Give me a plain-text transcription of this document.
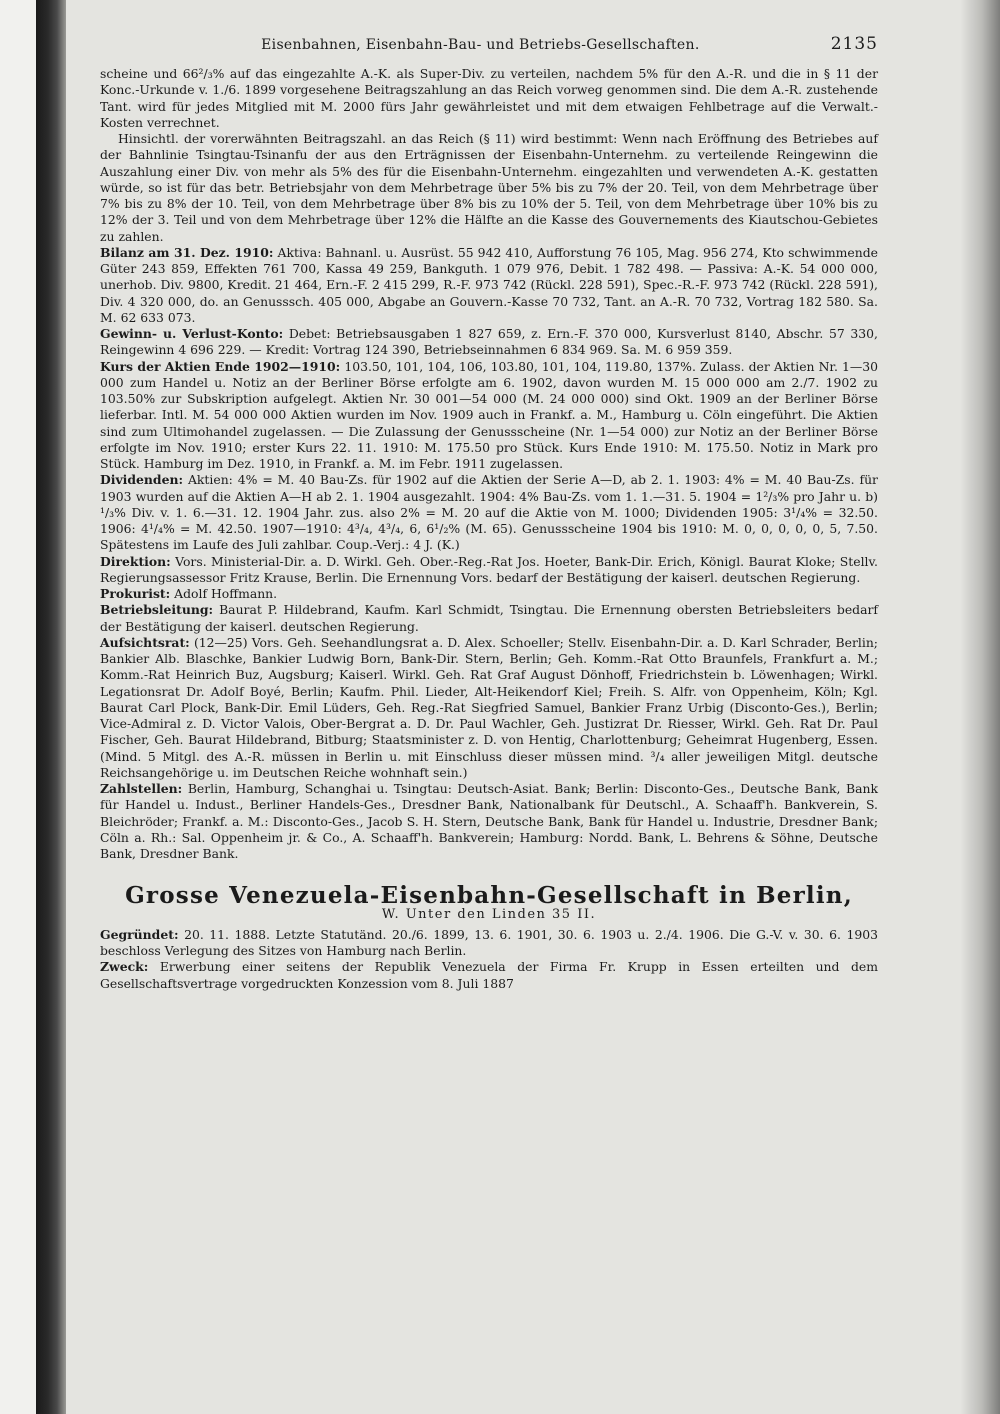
Eisenbahnen, Eisenbahn-Bau- und Betriebs-Gesellschaften.	2135

scheine und 66²/₃% auf das eingezahlte A.-K. als Super-Div. zu verteilen, nachdem 5% für den A.-R. und die in § 11 der Konc.-Urkunde v. 1./6. 1899 vorgesehene Beitragszahlung an das Reich vorweg genommen sind. Die dem A.-R. zustehende Tant. wird für jedes Mitglied mit M. 2000 fürs Jahr gewährleistet und mit dem etwaigen Fehlbetrage auf die Verwalt.-Kosten verrechnet.

Hinsichtl. der vorerwähnten Beitragszahl. an das Reich (§ 11) wird bestimmt: Wenn nach Eröffnung des Betriebes auf der Bahnlinie Tsingtau-Tsinanfu der aus den Erträgnissen der Eisenbahn-Unternehm. zu verteilende Reingewinn die Auszahlung einer Div. von mehr als 5% des für die Eisenbahn-Unternehm. eingezahlten und verwendeten A.-K. gestatten würde, so ist für das betr. Betriebsjahr von dem Mehrbetrage über 5% bis zu 7% der 20. Teil, von dem Mehrbetrage über 7% bis zu 8% der 10. Teil, von dem Mehrbetrage über 8% bis zu 10% der 5. Teil, von dem Mehrbetrage über 10% bis zu 12% der 3. Teil und von dem Mehrbetrage über 12% die Hälfte an die Kasse des Gouvernements des Kiautschou-Gebietes zu zahlen.

Bilanz am 31. Dez. 1910: Aktiva: Bahnanl. u. Ausrüst. 55 942 410, Aufforstung 76 105, Mag. 956 274, Kto schwimmende Güter 243 859, Effekten 761 700, Kassa 49 259, Bankguth. 1 079 976, Debit. 1 782 498. — Passiva: A.-K. 54 000 000, unerhob. Div. 9800, Kredit. 21 464, Ern.-F. 2 415 299, R.-F. 973 742 (Rückl. 228 591), Spec.-R.-F. 973 742 (Rückl. 228 591), Div. 4 320 000, do. an Genusssch. 405 000, Abgabe an Gouvern.-Kasse 70 732, Tant. an A.-R. 70 732, Vortrag 182 580. Sa. M. 62 633 073.

Gewinn- u. Verlust-Konto: Debet: Betriebsausgaben 1 827 659, z. Ern.-F. 370 000, Kursverlust 8140, Abschr. 57 330, Reingewinn 4 696 229. — Kredit: Vortrag 124 390, Betriebseinnahmen 6 834 969. Sa. M. 6 959 359.

Kurs der Aktien Ende 1902—1910: 103.50, 101, 104, 106, 103.80, 101, 104, 119.80, 137%. Zulass. der Aktien Nr. 1—30 000 zum Handel u. Notiz an der Berliner Börse erfolgte am 6. 1902, davon wurden M. 15 000 000 am 2./7. 1902 zu 103.50% zur Subskription aufgelegt. Aktien Nr. 30 001—54 000 (M. 24 000 000) sind Okt. 1909 an der Berliner Börse lieferbar. Intl. M. 54 000 000 Aktien wurden im Nov. 1909 auch in Frankf. a. M., Hamburg u. Cöln eingeführt. Die Aktien sind zum Ultimohandel zugelassen. — Die Zulassung der Genussscheine (Nr. 1—54 000) zur Notiz an der Berliner Börse erfolgte im Nov. 1910; erster Kurs 22. 11. 1910: M. 175.50 pro Stück. Kurs Ende 1910: M. 175.50. Notiz in Mark pro Stück. Hamburg im Dez. 1910, in Frankf. a. M. im Febr. 1911 zugelassen.

Dividenden: Aktien: 4% = M. 40 Bau-Zs. für 1902 auf die Aktien der Serie A—D, ab 2. 1. 1903: 4% = M. 40 Bau-Zs. für 1903 wurden auf die Aktien A—H ab 2. 1. 1904 ausgezahlt. 1904: 4% Bau-Zs. vom 1. 1.—31. 5. 1904 = 1²/₃% pro Jahr u. b) ¹/₃% Div. v. 1. 6.—31. 12. 1904 Jahr. zus. also 2% = M. 20 auf die Aktie von M. 1000; Dividenden 1905: 3¹/₄% = 32.50. 1906: 4¹/₄% = M. 42.50. 1907—1910: 4³/₄, 4³/₄, 6, 6¹/₂% (M. 65). Genussscheine 1904 bis 1910: M. 0, 0, 0, 0, 0, 5, 7.50. Spätestens im Laufe des Juli zahlbar. Coup.-Verj.: 4 J. (K.)

Direktion: Vors. Ministerial-Dir. a. D. Wirkl. Geh. Ober.-Reg.-Rat Jos. Hoeter, Bank-Dir. Erich, Königl. Baurat Kloke; Stellv. Regierungsassessor Fritz Krause, Berlin. Die Ernennung Vors. bedarf der Bestätigung der kaiserl. deutschen Regierung.

Prokurist: Adolf Hoffmann.

Betriebsleitung: Baurat P. Hildebrand, Kaufm. Karl Schmidt, Tsingtau. Die Ernennung obersten Betriebsleiters bedarf der Bestätigung der kaiserl. deutschen Regierung.

Aufsichtsrat: (12—25) Vors. Geh. Seehandlungsrat a. D. Alex. Schoeller; Stellv. Eisenbahn-Dir. a. D. Karl Schrader, Berlin; Bankier Alb. Blaschke, Bankier Ludwig Born, Bank-Dir. Stern, Berlin; Geh. Komm.-Rat Otto Braunfels, Frankfurt a. M.; Komm.-Rat Heinrich Buz, Augsburg; Kaiserl. Wirkl. Geh. Rat Graf August Dönhoff, Friedrichstein b. Löwenhagen; Wirkl. Legationsrat Dr. Adolf Boyé, Berlin; Kaufm. Phil. Lieder, Alt-Heikendorf Kiel; Freih. S. Alfr. von Oppenheim, Köln; Kgl. Baurat Carl Plock, Bank-Dir. Emil Lüders, Geh. Reg.-Rat Siegfried Samuel, Bankier Franz Urbig (Disconto-Ges.), Berlin; Vice-Admiral z. D. Victor Valois, Ober-Bergrat a. D. Dr. Paul Wachler, Geh. Justizrat Dr. Riesser, Wirkl. Geh. Rat Dr. Paul Fischer, Geh. Baurat Hildebrand, Bitburg; Staatsminister z. D. von Hentig, Charlottenburg; Geheimrat Hugenberg, Essen. (Mind. 5 Mitgl. des A.-R. müssen in Berlin u. mit Einschluss dieser müssen mind. ³/₄ aller jeweiligen Mitgl. deutsche Reichsangehörige u. im Deutschen Reiche wohnhaft sein.)

Zahlstellen: Berlin, Hamburg, Schanghai u. Tsingtau: Deutsch-Asiat. Bank; Berlin: Disconto-Ges., Deutsche Bank, Bank für Handel u. Indust., Berliner Handels-Ges., Dresdner Bank, Nationalbank für Deutschl., A. Schaaff'h. Bankverein, S. Bleichröder; Frankf. a. M.: Disconto-Ges., Jacob S. H. Stern, Deutsche Bank, Bank für Handel u. Industrie, Dresdner Bank; Cöln a. Rh.: Sal. Oppenheim jr. & Co., A. Schaaff'h. Bankverein; Hamburg: Nordd. Bank, L. Behrens & Söhne, Deutsche Bank, Dresdner Bank.

Grosse Venezuela-Eisenbahn-Gesellschaft in Berlin,
W. Unter den Linden 35 II.

Gegründet: 20. 11. 1888. Letzte Statutänd. 20./6. 1899, 13. 6. 1901, 30. 6. 1903 u. 2./4. 1906. Die G.-V. v. 30. 6. 1903 beschloss Verlegung des Sitzes von Hamburg nach Berlin.

Zweck: Erwerbung einer seitens der Republik Venezuela der Firma Fr. Krupp in Essen erteilten und dem Gesellschaftsvertrage vorgedruckten Konzession vom 8. Juli 1887
